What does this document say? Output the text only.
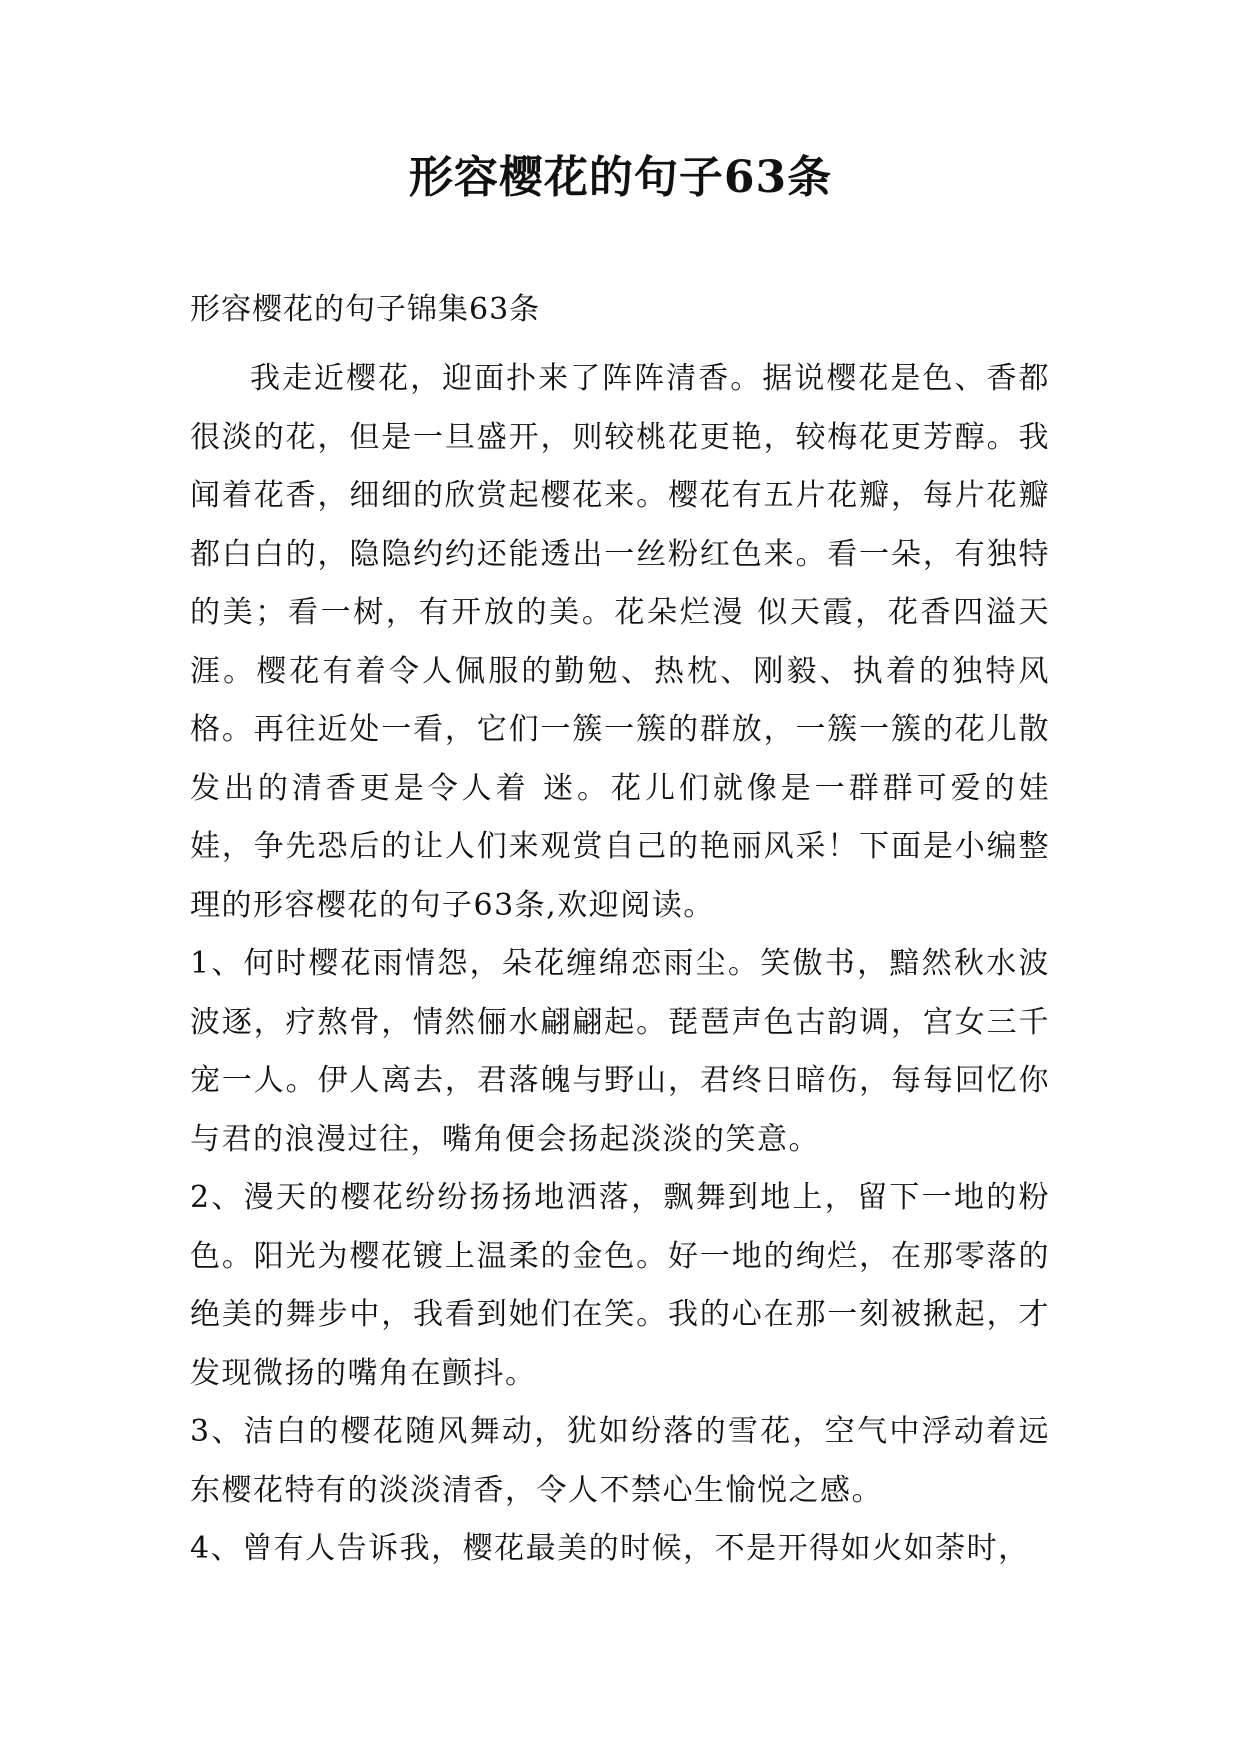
形容樱花的句子63条

形容樱花的句子锦集63条

我走近樱花，迎面扑来了阵阵清香。据说樱花是色、香都很淡的花，但是一旦盛开，则较桃花更艳，较梅花更芳醇。我闻着花香，细细的欣赏起樱花来。樱花有五片花瓣，每片花瓣都白白的，隐隐约约还能透出一丝粉红色来。看一朵，有独特的美；看一树，有开放的美。花朵烂漫 似天霞，花香四溢天涯。樱花有着令人佩服的勤勉、热枕、刚毅、执着的独特风格。再往近处一看，它们一簇一簇的群放，一簇一簇的花儿散发出的清香更是令人着 迷。花儿们就像是一群群可爱的娃娃，争先恐后的让人们来观赏自己的艳丽风采！下面是小编整理的形容樱花的句子63条,欢迎阅读。

1、何时樱花雨情怨，朵花缠绵恋雨尘。笑傲书，黯然秋水波波逐，疗熬骨，情然俪水翩翩起。琵琶声色古韵调，宫女三千宠一人。伊人离去，君落魄与野山，君终日暗伤，每每回忆你与君的浪漫过往，嘴角便会扬起淡淡的笑意。

2、漫天的樱花纷纷扬扬地洒落，飘舞到地上，留下一地的粉色。阳光为樱花镀上温柔的金色。好一地的绚烂，在那零落的绝美的舞步中，我看到她们在笑。我的心在那一刻被揪起，才发现微扬的嘴角在颤抖。

3、洁白的樱花随风舞动，犹如纷落的雪花，空气中浮动着远东樱花特有的淡淡清香，令人不禁心生愉悦之感。

4、曾有人告诉我，樱花最美的时候，不是开得如火如荼时，
